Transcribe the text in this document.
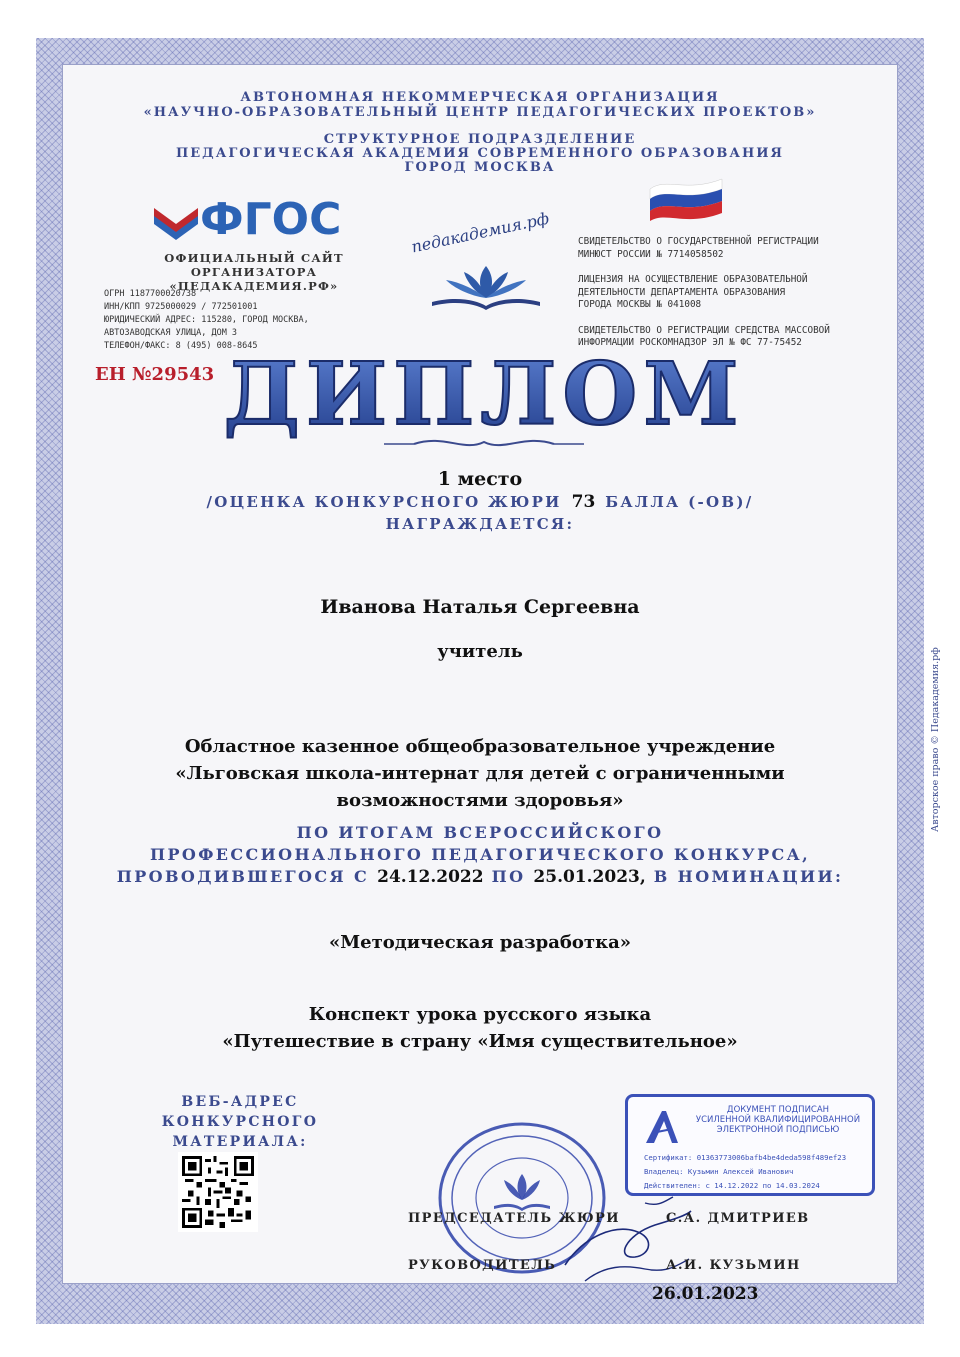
АВТОНОМНАЯ НЕКОММЕРЧЕСКАЯ ОРГАНИЗАЦИЯ
«НАУЧНО-ОБРАЗОВАТЕЛЬНЫЙ ЦЕНТР ПЕДАГОГИЧЕСКИХ ПРОЕКТОВ»
СТРУКТУРНОЕ ПОДРАЗДЕЛЕНИЕ
ПЕДАГОГИЧЕСКАЯ АКАДЕМИЯ СОВРЕМЕННОГО ОБРАЗОВАНИЯ
ГОРОД МОСКВА
ФГОС
ОФИЦИАЛЬНЫЙ САЙТ ОРГАНИЗАТОРА
«ПЕДАКАДЕМИЯ.РФ»
ОГРН 1187700020738
ИНН/КПП 9725000029 / 772501001
ЮРИДИЧЕСКИЙ АДРЕС: 115280, ГОРОД МОСКВА,
АВТОЗАВОДСКАЯ УЛИЦА, ДОМ 3
ТЕЛЕФОН/ФАКС: 8 (495) 008-8645
педакадемия.рф	СВИДЕТЕЛЬСТВО О ГОСУДАРСТВЕННОЙ РЕГИСТРАЦИИ
МИНЮСТ РОССИИ № 7714058502

ЛИЦЕНЗИЯ НА ОСУЩЕСТВЛЕНИЕ ОБРАЗОВАТЕЛЬНОЙ
ДЕЯТЕЛЬНОСТИ ДЕПАРТАМЕНТА ОБРАЗОВАНИЯ
ГОРОДА МОСКВЫ № 041008

СВИДЕТЕЛЬСТВО О РЕГИСТРАЦИИ СРЕДСТВА МАССОВОЙ
ИНФОРМАЦИИ РОСКОМНАДЗОР ЭЛ № ФС 77-75452

ЕН №29543 ДИПЛОМ
1 место
/ОЦЕНКА КОНКУРСНОГО ЖЮРИ 73 БАЛЛА (-ОВ)/
НАГРАЖДАЕТСЯ:
Иванова Наталья Сергеевна
учитель
Областное казенное общеобразовательное учреждение
«Льговская школа-интернат для детей с ограниченными
возможностями здоровья»
ПО ИТОГАМ ВСЕРОССИЙСКОГО
ПРОФЕССИОНАЛЬНОГО ПЕДАГОГИЧЕСКОГО КОНКУРСА,
ПРОВОДИВШЕГОСЯ С 24.12.2022 ПО 25.01.2023, В НОМИНАЦИИ:
«Методическая разработка»
Конспект урока русского языка
«Путешествие в страну «Имя существительное»
ВЕБ-АДРЕС
КОНКУРСНОГО МАТЕРИАЛА:
ДОКУМЕНТ ПОДПИСАН
УСИЛЕННОЙ КВАЛИФИЦИРОВАННОЙ
ЭЛЕКТРОННОЙ ПОДПИСЬЮ
Сертификат: 01363773006bafb4be4deda598f489ef23
Владелец: Кузьмин Алексей Иванович
Действителен: с 14.12.2022 по 14.03.2024
ПРЕДСЕДАТЕЛЬ ЖЮРИ	С.А. ДМИТРИЕВ
РУКОВОДИТЕЛЬ	А.И. КУЗЬМИН
26.01.2023
Авторское право © Педакадемия.рф
